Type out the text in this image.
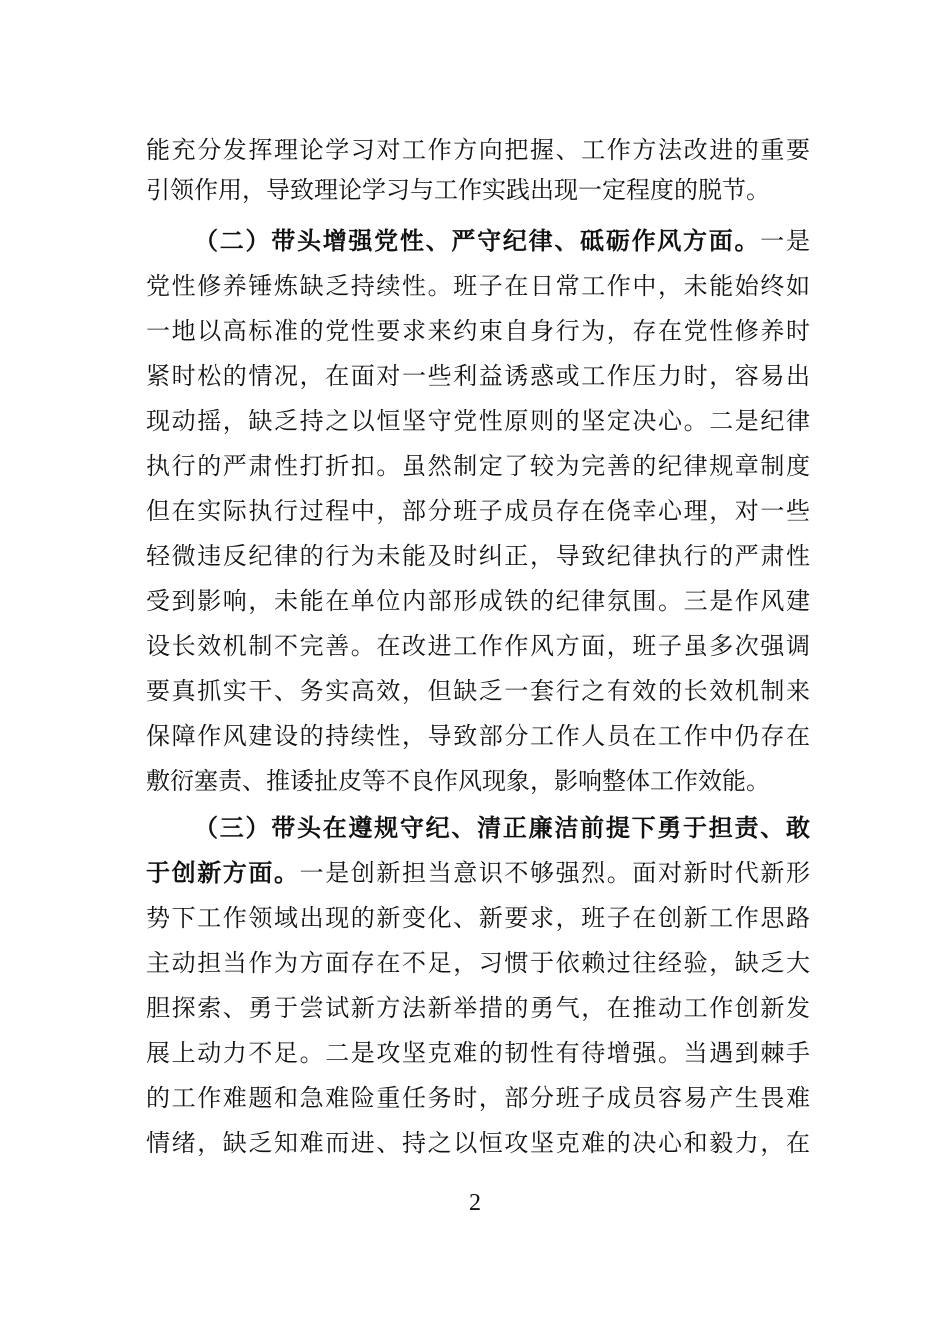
能充分发挥理论学习对工作方向把握、工作方法改进的重要
引领作用，导致理论学习与工作实践出现一定程度的脱节。
（二）带头增强党性、严守纪律、砥砺作风方面。一是
党性修养锤炼缺乏持续性。班子在日常工作中，未能始终如
一地以高标准的党性要求来约束自身行为，存在党性修养时
紧时松的情况，在面对一些利益诱惑或工作压力时，容易出
现动摇，缺乏持之以恒坚守党性原则的坚定决心。二是纪律
执行的严肃性打折扣。虽然制定了较为完善的纪律规章制度
但在实际执行过程中，部分班子成员存在侥幸心理，对一些
轻微违反纪律的行为未能及时纠正，导致纪律执行的严肃性
受到影响，未能在单位内部形成铁的纪律氛围。三是作风建
设长效机制不完善。在改进工作作风方面，班子虽多次强调
要真抓实干、务实高效，但缺乏一套行之有效的长效机制来
保障作风建设的持续性，导致部分工作人员在工作中仍存在
敷衍塞责、推诿扯皮等不良作风现象，影响整体工作效能。
（三）带头在遵规守纪、清正廉洁前提下勇于担责、敢
于创新方面。一是创新担当意识不够强烈。面对新时代新形
势下工作领域出现的新变化、新要求，班子在创新工作思路
主动担当作为方面存在不足，习惯于依赖过往经验，缺乏大
胆探索、勇于尝试新方法新举措的勇气，在推动工作创新发
展上动力不足。二是攻坚克难的韧性有待增强。当遇到棘手
的工作难题和急难险重任务时，部分班子成员容易产生畏难
情绪，缺乏知难而进、持之以恒攻坚克难的决心和毅力，在
2
